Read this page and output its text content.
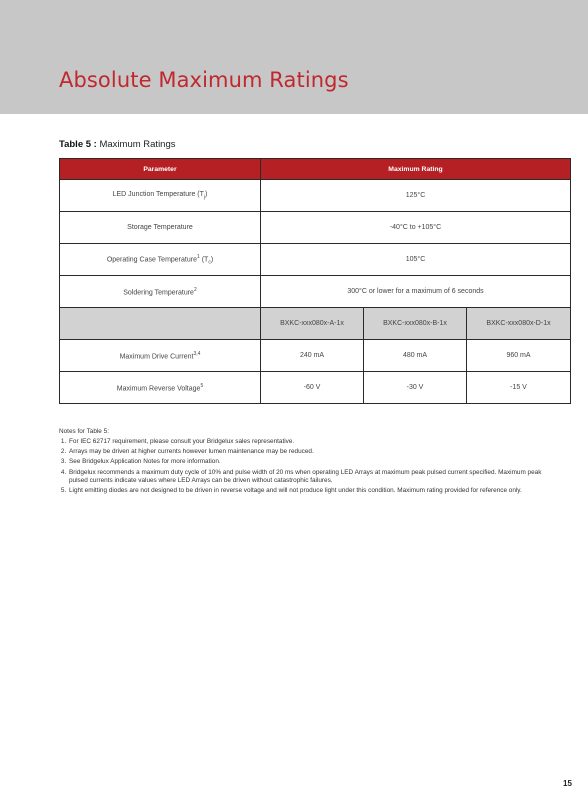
Absolute Maximum Ratings
Table 5 : Maximum Ratings
Parameter	Maximum Rating		
LED Junction Temperature $(T_j)$	125°C		
Storage Temperature	-40°C to +105°C		
Operating Case Temperature$^1$ $(T_c)$	105°C		
Soldering Temperature$^2$	300°C or lower for a maximum of 6 seconds		
	BXKC-xxx080x-A-1x	BXKC-xxx080x-B-1x	BXKC-xxx080x-D-1x
Maximum Drive Current$^{3,4}$	240 mA	480 mA	960 mA
Maximum Reverse Voltage$^5$	-60 V	-30 V	-15 V
Notes for Table 5:
1. For IEC 62717 requirement, please consult your Bridgelux sales representative.
2. Arrays may be driven at higher currents however lumen maintenance may be reduced.
3. See Bridgelux Application Notes for more information.
4. Bridgelux recommends a maximum duty cycle of 10% and pulse width of 20 ms when operating LED Arrays at maximum peak pulsed current specified. Maximum peak pulsed currents indicate values where LED Arrays can be driven without catastrophic failures.
5. Light emitting diodes are not designed to be driven in reverse voltage and will not produce light under this condition. Maximum rating provided for reference only.
15
